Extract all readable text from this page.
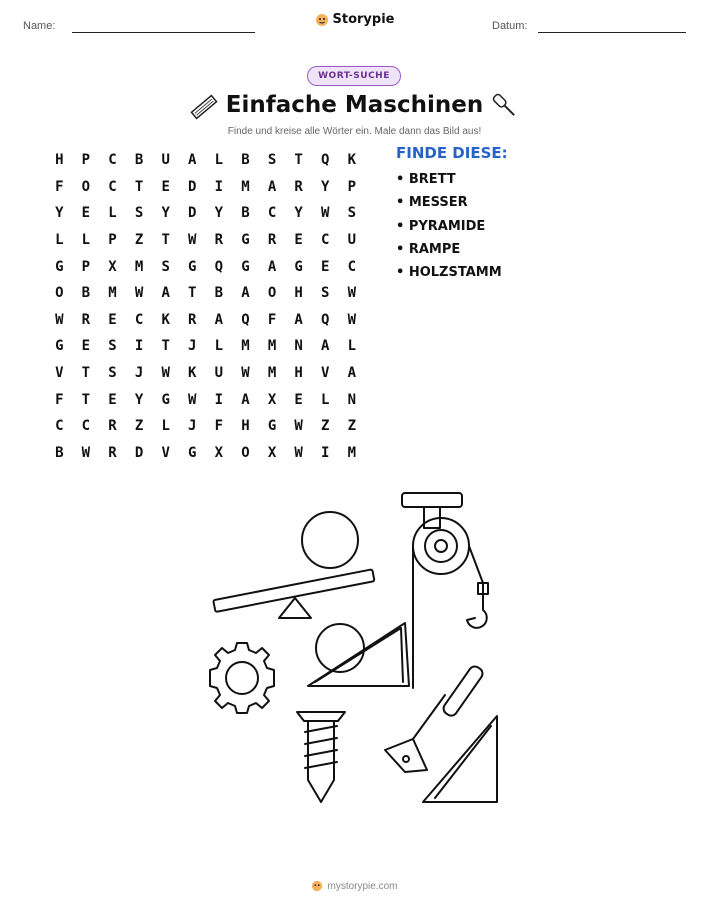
Name:	Storypie	Datum:
WORT-SUCHE
Einfache Maschinen
Finde und kreise alle Wörter ein. Male dann das Bild aus!
H	P	C	B	U	A	L	B	S	T	Q	K
F	O	C	T	E	D	I	M	A	R	Y	P
Y	E	L	S	Y	D	Y	B	C	Y	W	S
L	L	P	Z	T	W	R	G	R	E	C	U
G	P	X	M	S	G	Q	G	A	G	E	C
O	B	M	W	A	T	B	A	O	H	S	W
W	R	E	C	K	R	A	Q	F	A	Q	W
G	E	S	I	T	J	L	M	M	N	A	L
V	T	S	J	W	K	U	W	M	H	V	A
F	T	E	Y	G	W	I	A	X	E	L	N
C	C	R	Z	L	J	F	H	G	W	Z	Z
B	W	R	D	V	G	X	O	X	W	I	M
FINDE DIESE:
• BRETT
• MESSER
• PYRAMIDE
• RAMPE
• HOLZSTAMM
mystorypie.com
